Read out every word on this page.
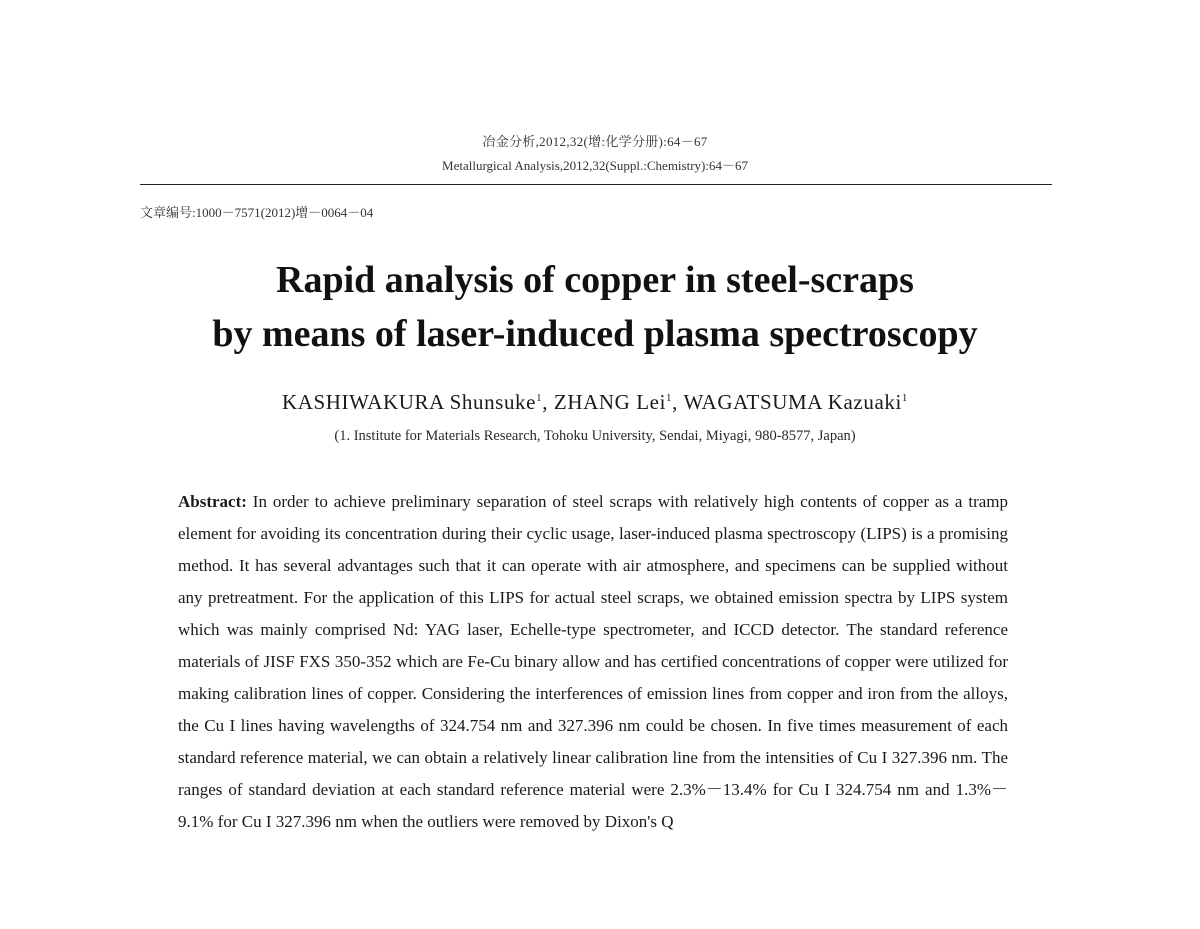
冶金分析,2012,32(增:化学分册):64－67
Metallurgical Analysis,2012,32(Suppl.:Chemistry):64－67
文章编号:1000－7571(2012)增－0064－04
Rapid analysis of copper in steel-scraps
by means of laser-induced plasma spectroscopy
KASHIWAKURA Shunsuke$^1$, ZHANG Lei$^1$, WAGATSUMA Kazuaki$^1$
(1. Institute for Materials Research, Tohoku University, Sendai, Miyagi, 980-8577, Japan)
Abstract: In order to achieve preliminary separation of steel scraps with relatively high contents of copper as a tramp element for avoiding its concentration during their cyclic usage, laser-induced plasma spectroscopy (LIPS) is a promising method. It has several advantages such that it can operate with air atmosphere, and specimens can be supplied without any pretreatment. For the application of this LIPS for actual steel scraps, we obtained emission spectra by LIPS system which was mainly comprised Nd: YAG laser, Echelle-type spectrometer, and ICCD detector. The standard reference materials of JISF FXS 350-352 which are Fe-Cu binary allow and has certified concentrations of copper were utilized for making calibration lines of copper. Considering the interferences of emission lines from copper and iron from the alloys, the Cu I lines having wavelengths of 324.754 nm and 327.396 nm could be chosen. In five times measurement of each standard reference material, we can obtain a relatively linear calibration line from the intensities of Cu I 327.396 nm. The ranges of standard deviation at each standard reference material were 2.3%－13.4% for Cu I 324.754 nm and 1.3%－9.1% for Cu I 327.396 nm when the outliers were removed by Dixon's Q
